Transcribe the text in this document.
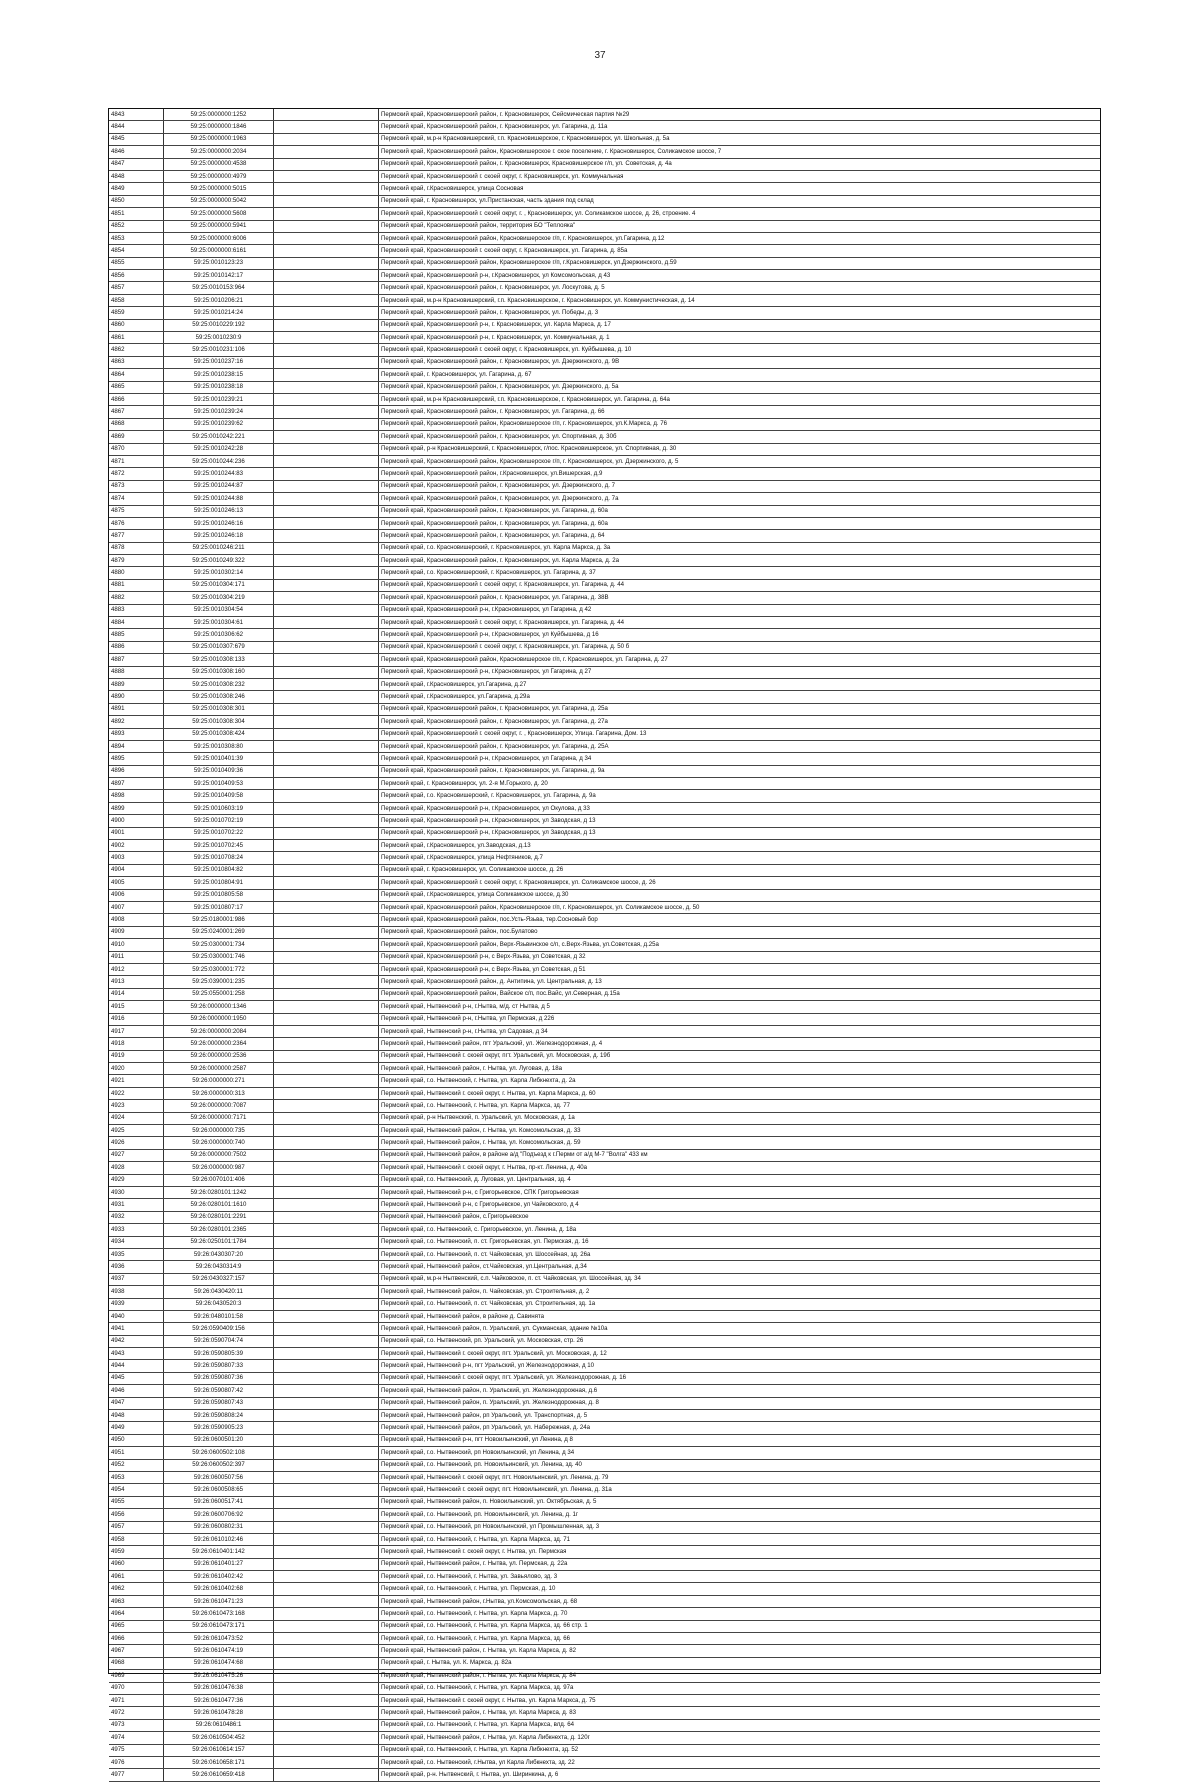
37
4843	59:25:0000000:1252		Пермский край, Красновишерский район, г. Красновишерск, Сейсмическая партия №29
4844	59:25:0000000:1846		Пермский край, Красновишерский район, г. Красновишерск, ул. Гагарина, д. 11а
4845	59:25:0000000:1963		Пермский край, м.р-н Красновишерский, г.п. Красновишерское, г. Красновишерск, ул. Школьная, д. 5а
4846	59:25:0000000:2034		Пермский край, Красновишерский район, Красновишерское г. ское поселение, г. Красновишерск, Соликамское шоссе, 7
4847	59:25:0000000:4538		Пермский край, Красновишерский район, г. Красновишерск, Красновишерское г/п, ул. Советская, д. 4а
4848	59:25:0000000:4979		Пермский край, Красновишерский г. скоей округ, г. Красновишерск, ул. Коммунальная
4849	59:25:0000000:5015		Пермский край, г.Красновишерск, улица Сосновая
4850	59:25:0000000:5042		Пермский край, г. Красновишерск, ул.Пристанская, часть здания под склад
4851	59:25:0000000:5608		Пермский край, Красновишерский г. скоей округ, г. , Красновишерск, ул. Соликамское шоссе, д. 26, строение. 4
4852	59:25:0000000:5941		Пермский край, Красновишерский район, территория БО "Теплояка"
4853	59:25:0000000:6006		Пермский край, Красновишерский район, Красновишерское г/п, г. Красновишерск, ул.Гагарина, д.12
4854	59:25:0000000:6161		Пермский край, Красновишерский г. скоей округ, г. Красновишерск, ул. Гагарина, д. 85а
4855	59:25:0010123:23		Пермский край, Красновишерский район, Красновишерское г/п, г.Красновишерск, ул.Дзержинского, д.59
4856	59:25:0010142:17		Пермский край, Красновишерский р-н, г.Красновишерск, ул Комсомольская, д 43
4857	59:25:0010153:964		Пермский край, Красновишерский район, г. Красновишерск, ул. Лоскутова, д. 5
4858	59:25:0010206:21		Пермский край, м.р-н Красновишерский, г.п. Красновишерское, г. Красновишерск, ул. Коммунистическая, д. 14
4859	59:25:0010214:24		Пермский край, Красновишерский район, г. Красновишерск, ул. Победы, д. 3
4860	59:25:0010229:192		Пермский край, Красновишерский р-н, г. Красновишерск, ул. Карла Маркса, д. 17
4861	59:25:0010230:9		Пермский край, Красновишерский р-н, г. Красновишерск, ул. Коммунальная, д. 1
4862	59:25:0010231:106		Пермский край, Красновишерский г. скоей округ, г. Красновишерск, ул. Куйбышева, д. 10
4863	59:25:0010237:16		Пермский край, Красновишерский район, г. Красновишерск, ул. Дзержинского, д. 9В
4864	59:25:0010238:15		Пермский край, г. Красновишерск, ул. Гагарина, д. 67
4865	59:25:0010238:18		Пермский край, Красновишерский район, г. Красновишерск, ул. Дзержинского, д. 5а
4866	59:25:0010239:21		Пермский край, м.р-н Красновишерский, г.п. Красновишерское, г. Красновишерск, ул. Гагарина, д. 64а
4867	59:25:0010239:24		Пермский край, Красновишерский район, г. Красновишерск, ул. Гагарина, д. 66
4868	59:25:0010239:62		Пермский край, Красновишерский район, Красновишерское г/п, г. Красновишерск, ул.К.Маркса, д. 76
4869	59:25:0010242:221		Пермский край, Красновишерский район, г. Красновишерск, ул. Спортивная, д. 30б
4870	59:25:0010242:28		Пермский край, р-н Красновишерский, г. Красновишерск, г/пос. Красновишерское, ул. Спортивная, д. 30
4871	59:25:0010244:236		Пермский край, Красновишерский район, Красновишерское г/п, г. Красновишерск, ул. Дзержинского, д. 5
4872	59:25:0010244:83		Пермский край, Красновишерский район, г.Красновишерск, ул.Вишерская, д.9
4873	59:25:0010244:87		Пермский край, Красновишерский район, г. Красновишерск, ул. Дзержинского, д. 7
4874	59:25:0010244:88		Пермский край, Красновишерский район, г. Красновишерск, ул. Дзержинского, д. 7а
4875	59:25:0010246:13		Пермский край, Красновишерский район, г. Красновишерск, ул. Гагарина, д. 60а
4876	59:25:0010246:16		Пермский край, Красновишерский район, г. Красновишерск, ул. Гагарина, д. 60а
4877	59:25:0010246:18		Пермский край, Красновишерский район, г. Красновишерск, ул. Гагарина, д. 64
4878	59:25:0010246:211		Пермский край, г.о. Красновишерский, г. Красновишерск, ул. Карла Маркса, д. 3а
4879	59:25:0010249:322		Пермский край, Красновишерский район, г. Красновишерск, ул. Карла Маркса, д. 2а
4880	59:25:0010302:14		Пермский край, г.о. Красновишерский, г. Красновишерск, ул. Гагарина, д. 37
4881	59:25:0010304:171		Пермский край, Красновишерский г. скоей округ, г. Красновишерск, ул. Гагарина, д. 44
4882	59:25:0010304:219		Пермский край, Красновишерский район, г. Красновишерск, ул. Гагарина, д. 38В
4883	59:25:0010304:54		Пермский край, Красновишерский р-н, г.Красновишерск, ул Гагарина, д 42
4884	59:25:0010304:61		Пермский край, Красновишерский г. скоей округ, г. Красновишерск, ул. Гагарина, д. 44
4885	59:25:0010306:62		Пермский край, Красновишерский р-н, г.Красновишерск, ул Куйбышева, д 16
4886	59:25:0010307:679		Пермский край, Красновишерский г. скоей округ, г. Красновишерск, ул. Гагарина, д. 50 б
4887	59:25:0010308:133		Пермский край, Красновишерский район, Красновишерское г/п, г. Красновишерск, ул. Гагарина, д. 27
4888	59:25:0010308:160		Пермский край, Красновишерский р-н, г.Красновишерск, ул Гагарина, д 27
4889	59:25:0010308:232		Пермский край, г.Красновишерск, ул.Гагарина, д.27
4890	59:25:0010308:246		Пермский край, г.Красновишерск, ул.Гагарина, д.29а
4891	59:25:0010308:301		Пермский край, Красновишерский район, г. Красновишерск, ул. Гагарина, д. 25а
4892	59:25:0010308:304		Пермский край, Красновишерский район, г. Красновишерск, ул. Гагарина, д. 27а
4893	59:25:0010308:424		Пермский край, Красновишерский г. скоей округ, г. , Красновишерск, Улица. Гагарина, Дом. 13
4894	59:25:0010308:80		Пермский край, Красновишерский район, г. Красновишерск, ул. Гагарина, д. 25А
4895	59:25:0010401:39		Пермский край, Красновишерский р-н, г.Красновишерск, ул Гагарина, д 34
4896	59:25:0010409:36		Пермский край, Красновишерский район, г. Красновишерск, ул. Гагарина, д. 9а
4897	59:25:0010409:53		Пермский край, г. Красновишерск, ул. 2-я М.Горького, д. 20
4898	59:25:0010409:58		Пермский край, г.о. Красновишерский, г. Красновишерск, ул. Гагарина, д. 9а
4899	59:25:0010603:19		Пермский край, Красновишерский р-н, г.Красновишерск, ул Окулова, д 33
4900	59:25:0010702:19		Пермский край, Красновишерский р-н, г.Красновишерск, ул Заводская, д 13
4901	59:25:0010702:22		Пермский край, Красновишерский р-н, г.Красновишерск, ул Заводская, д 13
4902	59:25:0010702:45		Пермский край, г.Красновишерск, ул.Заводская, д.13
4903	59:25:0010708:24		Пермский край, г.Красновишерск, улица Нефтяников, д.7
4904	59:25:0010804:82		Пермский край, г. Красновишерск, ул. Соликамское шоссе, д. 26
4905	59:25:0010804:91		Пермский край, Красновишерский г. скоей округ, г. Красновишерск, ул. Соликамское шоссе, д. 26
4906	59:25:0010805:58		Пермский край, г.Красновишерск, улица Соликамское шоссе, д.30
4907	59:25:0010807:17		Пермский край, Красновишерский район, Красновишерское г/п, г. Красновишерск, ул. Соликамское шоссе, д. 50
4908	59:25:0180001:986		Пермский край, Красновишерский район, пос.Усть-Язьва, тер.Сосновый бор
4909	59:25:0240001:269		Пермский край, Красновишерский район, пос.Булатово
4910	59:25:0300001:734		Пермский край, Красновишерский район, Верх-Язьвинское с/п, с.Верх-Язьва, ул.Советская, д.25а
4911	59:25:0300001:746		Пермский край, Красновишерский р-н, с Верх-Язьва, ул Советская, д 32
4912	59:25:0300001:772		Пермский край, Красновишерский р-н, с Верх-Язьва, ул Советская, д 51
4913	59:25:0390001:235		Пермский край, Красновишерский район, д. Антипина, ул. Центральная, д. 13
4914	59:25:0550001:258		Пермский край, Красновишерский район, Вайское с/п, пос.Вайс, ул.Северная, д.15а
4915	59:26:0000000:1346		Пермский край, Нытвенский р-н, г.Нытва, м/д. ст Нытва, д 5
4916	59:26:0000000:1950		Пермский край, Нытвенский р-н, г.Нытва, ул Пермская, д 226
4917	59:26:0000000:2084		Пермский край, Нытвенский р-н, г.Нытва, ул Садовая, д 34
4918	59:26:0000000:2364		Пермский край, Нытвенский район, пгт Уральский, ул. Железнодорожная, д. 4
4919	59:26:0000000:2536		Пермский край, Нытвенский г. скоей округ, пгт. Уральский, ул. Московская, д. 19б
4920	59:26:0000000:2587		Пермский край, Нытвенский район, г. Нытва, ул. Луговая, д. 18а
4921	59:26:0000000:271		Пермский край, г.о. Нытвенский, г. Нытва, ул. Карла Либкнехта, д. 2а
4922	59:26:0000000:313		Пермский край, Нытвенский г. скоей округ, г. Нытва, ул. Карла Маркса, д. 60
4923	59:26:0000000:7087		Пермский край, г.о. Нытвенский, г. Нытва, ул. Карла Маркса, зд. 77
4924	59:26:0000000:7171		Пермский край, р-н Нытвенский, п. Уральский, ул. Московская, д. 1а
4925	59:26:0000000:735		Пермский край, Нытвенский район, г. Нытва, ул. Комсомольская, д. 33
4926	59:26:0000000:740		Пермский край, Нытвенский район, г. Нытва, ул. Комсомольская, д. 59
4927	59:26:0000000:7502		Пермский край, Нытвенский район, в районе а/д "Подъезд к г.Перми от а/д М-7 "Волга" 433 км
4928	59:26:0000000:987		Пермский край, Нытвенский г. скоей округ, г. Нытва, пр-кт. Ленина, д. 40а
4929	59:26:0070101:406		Пермский край, г.о. Нытвенский, д. Луговая, ул. Центральная, зд. 4
4930	59:26:0280101:1242		Пермский край, Нытвенский р-н, с Григорьевское, СПК Григорьевская
4931	59:26:0280101:1610		Пермский край, Нытвенский р-н, с Григорьевское, ул Чайковского, д 4
4932	59:26:0280101:2291		Пермский край, Нытвенский район, с.Григорьевское
4933	59:26:0280101:2365		Пермский край, г.о. Нытвенский, с. Григорьевское, ул. Ленина, д. 18а
4934	59:26:0250101:1784		Пермский край, г.о. Нытвенский, п. ст. Григорьевская, ул. Пермская, д. 16
4935	59:26:0430307:20		Пермский край, г.о. Нытвенский, п. ст. Чайковская, ул. Шоссейная, зд. 26а
4936	59:26:0430314:9		Пермский край, Нытвенский район, ст.Чайковская, ул.Центральная, д.34
4937	59:26:0430327:157		Пермский край, м.р-н Нытвенский, с.п. Чайковское, п. ст. Чайковская, ул. Шоссейная, зд. 34
4938	59:26:0430420:11		Пермский край, Нытвенский район, п. Чайковская, ул. Строительная, д. 2
4939	59:26:0430520:3		Пермский край, г.о. Нытвенский, п. ст. Чайковская, ул. Строительная, зд. 1а
4940	59:26:0480101:58		Пермский край, Нытвенский район, в районе д. Савинята
4941	59:26:0590409:156		Пермский край, Нытвенский район, п. Уральский, ул. Сукманская, здание №10а
4942	59:26:0590704:74		Пермский край, г.о. Нытвенский, рп. Уральский, ул. Московская, стр. 26
4943	59:26:0590805:39		Пермский край, Нытвенский г. скоей округ, пгт. Уральский, ул. Московская, д. 12
4944	59:26:0590807:33		Пермский край, Нытвенский р-н, пгт Уральский, ул Железнодорожная, д 10
4945	59:26:0590807:36		Пермский край, Нытвенский г. скоей округ, пгт. Уральский, ул. Железнодорожная, д. 16
4946	59:26:0590807:42		Пермский край, Нытвенский район, п. Уральский, ул. Железнодорожная, д.6
4947	59:26:0590807:43		Пермский край, Нытвенский район, п. Уральский, ул. Железнодорожная, д. 8
4948	59:26:0590808:24		Пермский край, Нытвенский район, рп Уральский, ул. Транспортная, д. 5
4949	59:26:0590905:23		Пермский край, Нытвенский район, рп Уральский, ул. Набережная, д. 24а
4950	59:26:0600501:20		Пермский край, Нытвенский р-н, пгт Новоильинский, ул Ленина, д 8
4951	59:26:0600502:108		Пермский край, г.о. Нытвенский, рп Новоильинский, ул Ленина, д 34
4952	59:26:0600502:397		Пермский край, г.о. Нытвенский, рп. Новоильинский, ул. Ленина, зд. 40
4953	59:26:0600507:56		Пермский край, Нытвенский г. скоей округ, пгт. Новоильинский, ул. Ленина, д. 79
4954	59:26:0600508:65		Пермский край, Нытвенский г. скоей округ, пгт. Новоильинский, ул. Ленина, д. 31а
4955	59:26:0600517:41		Пермский край, Нытвенский район, п. Новоильинский, ул. Октябрьская, д. 5
4956	59:26:0600706:92		Пермский край, г.о. Нытвенский, рп. Новоильинский, ул. Ленина, д. 1г
4957	59:26:0600802:31		Пермский край, г.о. Нытвенский, рп Новоильинский, ул Промышленная, зд. 3
4958	59:26:0610102:46		Пермский край, г.о. Нытвенский, г. Нытва, ул. Карла Маркса, зд. 71
4959	59:26:0610401:142		Пермский край, Нытвенский г. скоей округ, г. Нытва, ул. Пермская
4960	59:26:0610401:27		Пермский край, Нытвенский район, г. Нытва, ул. Пермская, д. 22а
4961	59:26:0610402:42		Пермский край, г.о. Нытвенский, г. Нытва, ул. Завьялово, зд. 3
4962	59:26:0610402:68		Пермский край, г.о. Нытвенский, г. Нытва, ул. Пермская, д. 10
4963	59:26:0610471:23		Пермский край, Нытвенский район, г.Нытва, ул.Комсомольская, д. 68
4964	59:26:0610473:168		Пермский край, г.о. Нытвенский, г. Нытва, ул. Карла Маркса, д. 70
4965	59:26:0610473:171		Пермский край, г.о. Нытвенский, г. Нытва, ул. Карла Маркса, зд. 66 стр. 1
4966	59:26:0610473:52		Пермский край, г.о. Нытвенский, г. Нытва, ул. Карла Маркса, зд. 66
4967	59:26:0610474:19		Пермский край, Нытвенский район, г. Нытва, ул. Карла Маркса, д. 82
4968	59:26:0610474:68		Пермский край, г. Нытва, ул. К. Маркса, д. 82а
4969	59:26:0610475:26		Пермский край, Нытвенский район, г. Нытва, ул. Карла Маркса, д. 84
4970	59:26:0610476:38		Пермский край, г.о. Нытвенский, г. Нытва, ул. Карла Маркса, зд. 97а
4971	59:26:0610477:36		Пермский край, Нытвенский г. скоей округ, г. Нытва, ул. Карла Маркса, д. 75
4972	59:26:0610478:28		Пермский край, Нытвенский район, г. Нытва, ул. Карла Маркса, д. 83
4973	59:26:0610486:1		Пермский край, г.о. Нытвенский, г. Нытва, ул. Карла Маркса, влд. 64
4974	59:26:0610504:452		Пермский край, Нытвенский район, г. Нытва, ул. Карла Либкнехта, д. 120г
4975	59:26:0610614:157		Пермский край, г.о. Нытвенский, г. Нытва, ул. Карла Либкнехта, зд. 52
4976	59:26:0610658:171		Пермский край, г.о. Нытвенский, г.Нытва, ул Карла Либкнехта, зд. 22
4977	59:26:0610659:418		Пермский край, р-н. Нытвенский, г. Нытва, ул. Ширинкина, д. 6
